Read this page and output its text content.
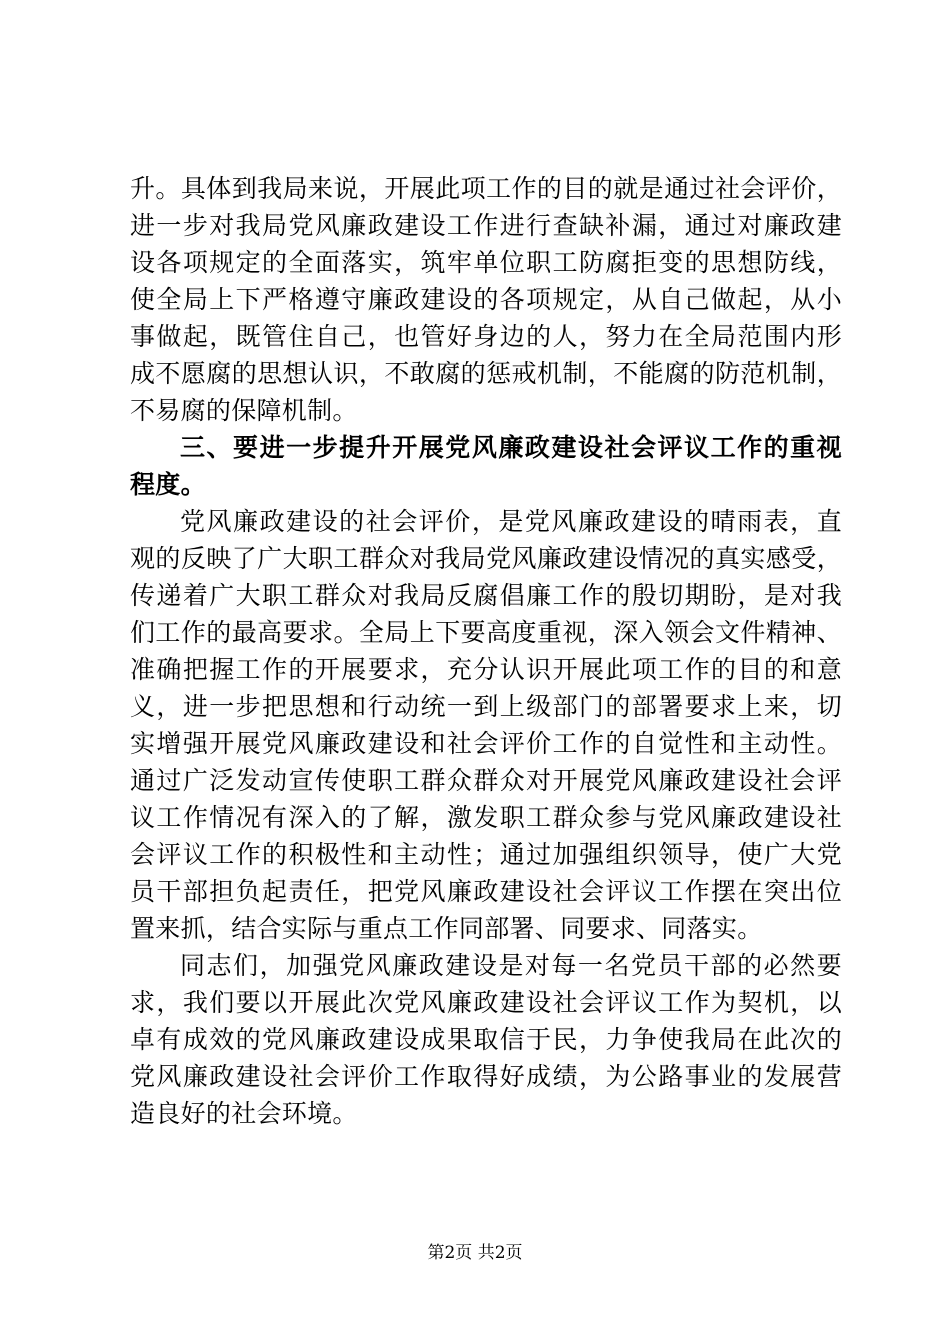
升。具体到我局来说，开展此项工作的目的就是通过社会评价，
进一步对我局党风廉政建设工作进行查缺补漏，通过对廉政建
设各项规定的全面落实，筑牢单位职工防腐拒变的思想防线，
使全局上下严格遵守廉政建设的各项规定，从自己做起，从小
事做起，既管住自己，也管好身边的人，努力在全局范围内形
成不愿腐的思想认识，不敢腐的惩戒机制，不能腐的防范机制，
不易腐的保障机制。
三、要进一步提升开展党风廉政建设社会评议工作的重视
程度。
党风廉政建设的社会评价，是党风廉政建设的晴雨表，直
观的反映了广大职工群众对我局党风廉政建设情况的真实感受，
传递着广大职工群众对我局反腐倡廉工作的殷切期盼，是对我
们工作的最高要求。全局上下要高度重视，深入领会文件精神、
准确把握工作的开展要求，充分认识开展此项工作的目的和意
义，进一步把思想和行动统一到上级部门的部署要求上来，切
实增强开展党风廉政建设和社会评价工作的自觉性和主动性。
通过广泛发动宣传使职工群众群众对开展党风廉政建设社会评
议工作情况有深入的了解，激发职工群众参与党风廉政建设社
会评议工作的积极性和主动性；通过加强组织领导，使广大党
员干部担负起责任，把党风廉政建设社会评议工作摆在突出位
置来抓，结合实际与重点工作同部署、同要求、同落实。
同志们，加强党风廉政建设是对每一名党员干部的必然要
求，我们要以开展此次党风廉政建设社会评议工作为契机，以
卓有成效的党风廉政建设成果取信于民，力争使我局在此次的
党风廉政建设社会评价工作取得好成绩，为公路事业的发展营
造良好的社会环境。
第2页 共2页
